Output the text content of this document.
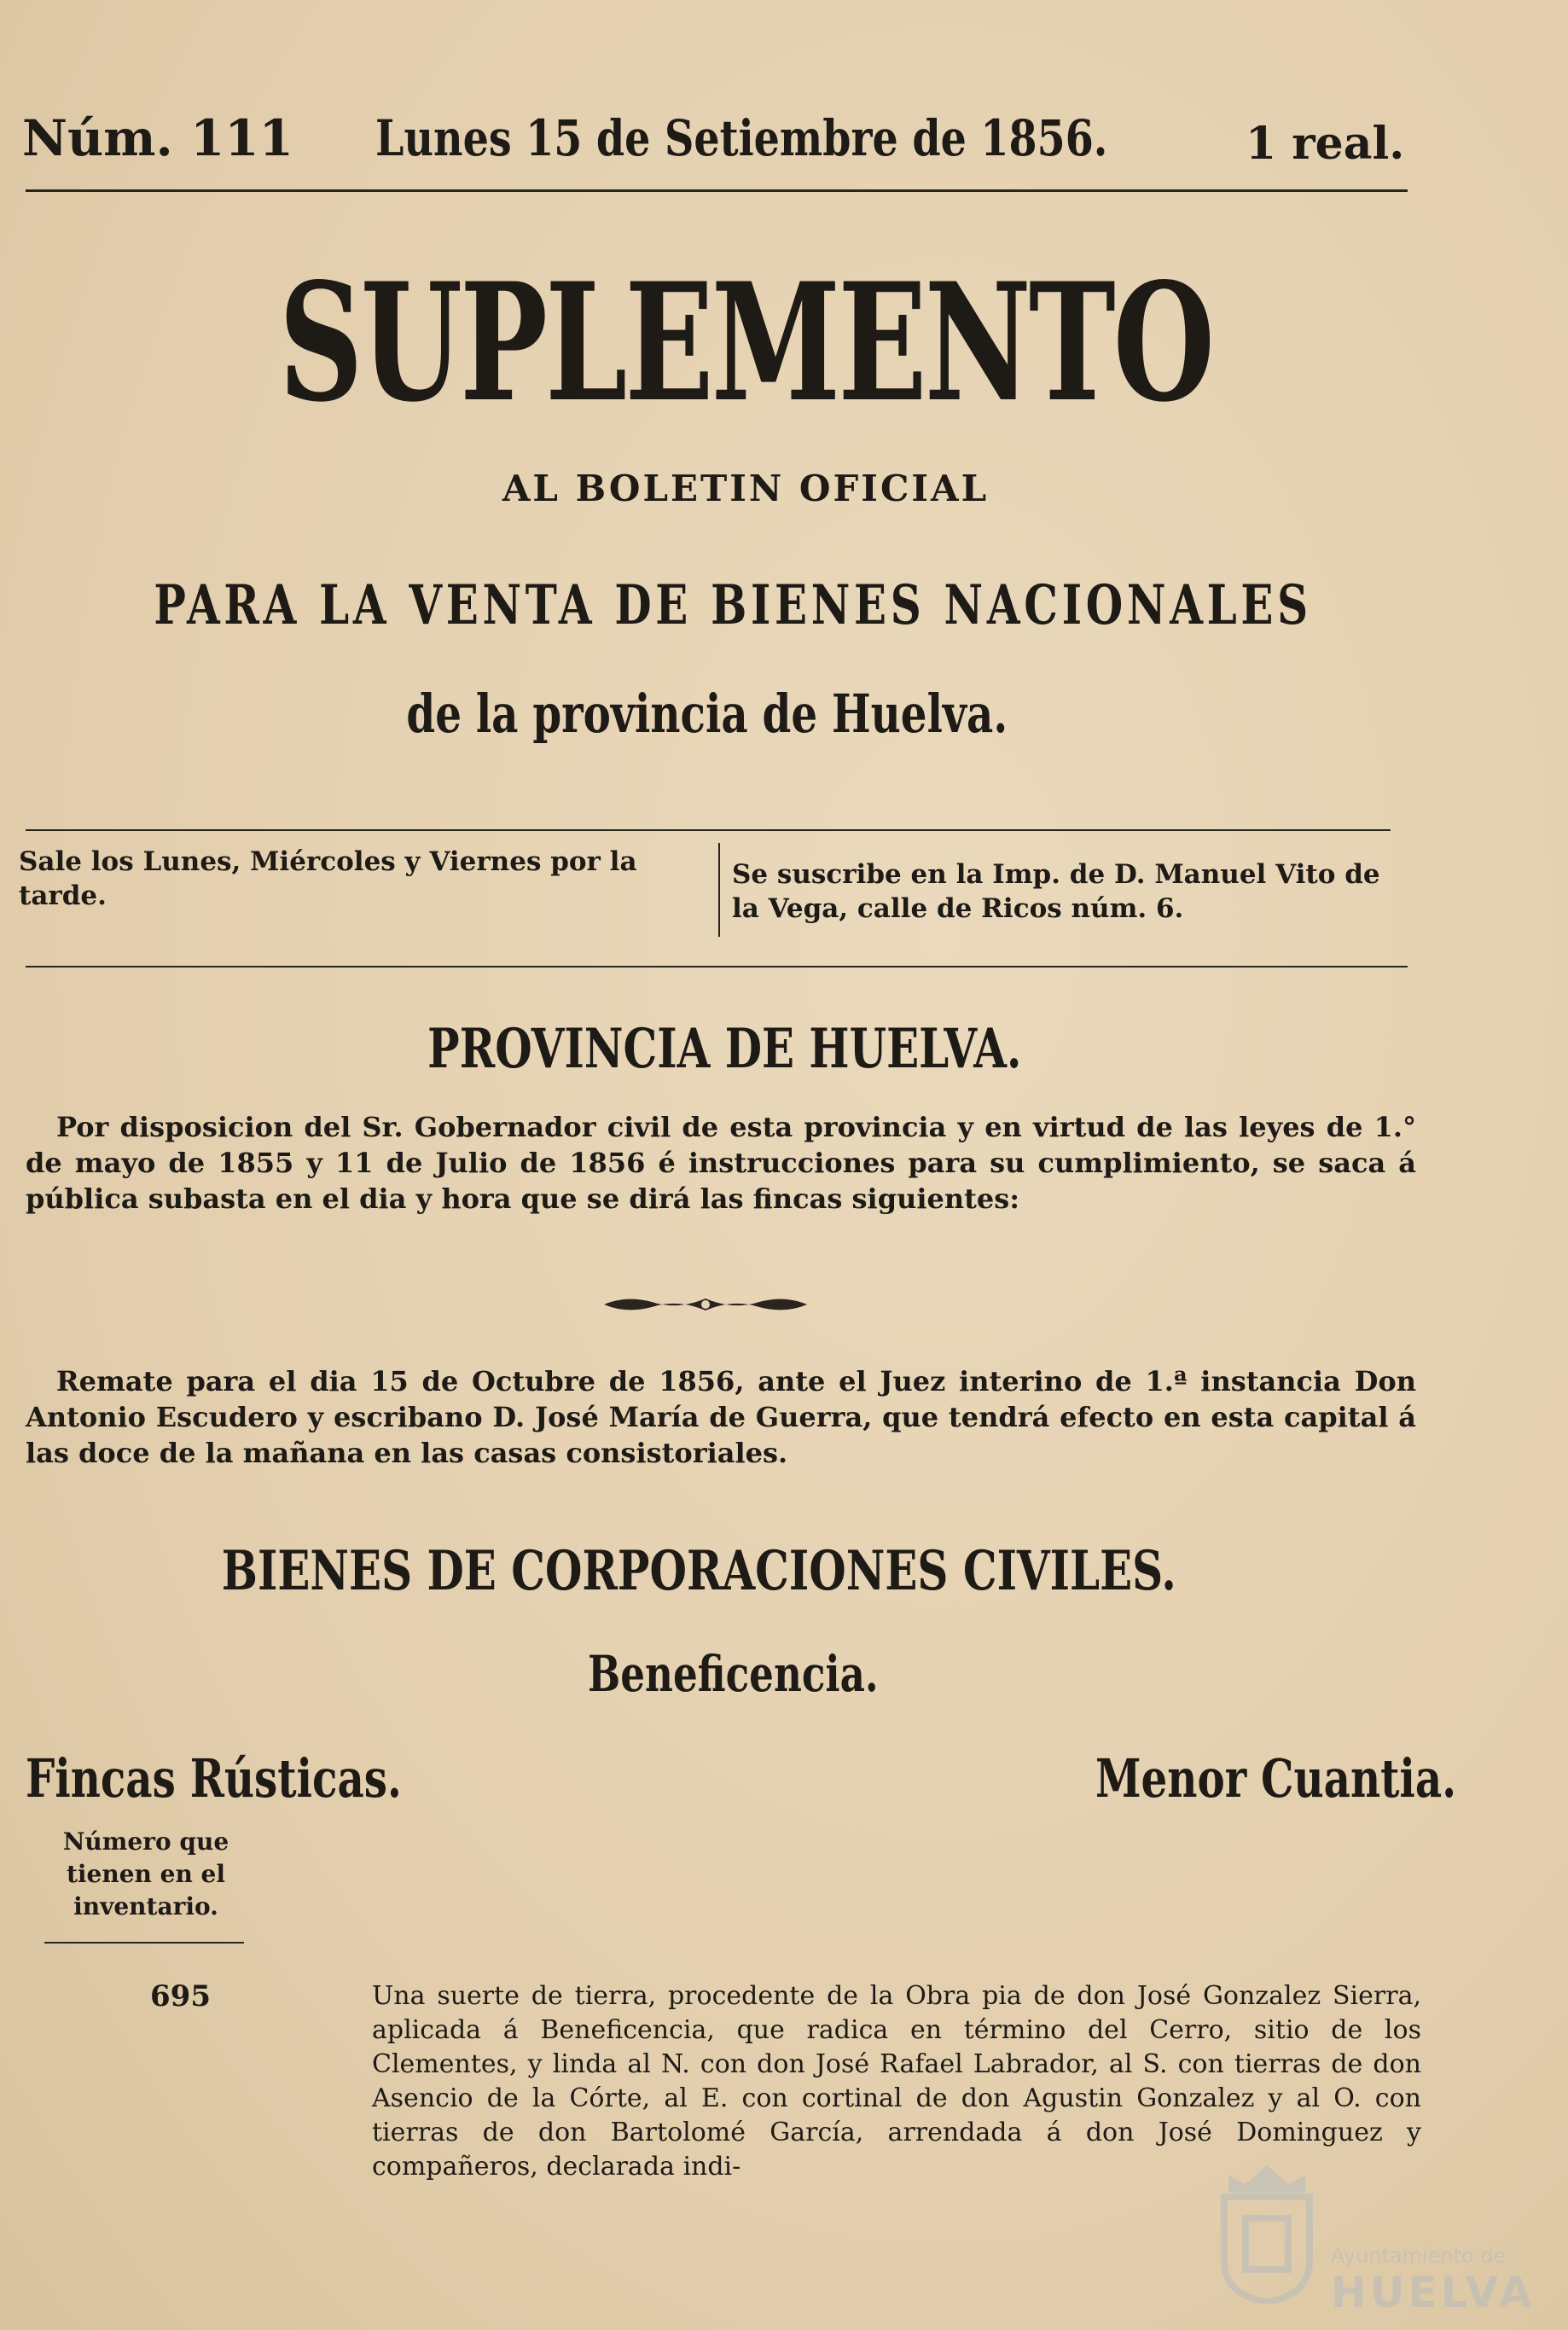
Núm. 111 Lunes 15 de Setiembre de 1856.	1 real.
SUPLEMENTO
AL BOLETIN OFICIAL
PARA LA VENTA DE BIENES NACIONALES
de la provincia de Huelva.
Sale los Lunes, Miércoles y Viernes por la tarde.
Se suscribe en la Imp. de D. Manuel Vito de la Vega, calle de Ricos núm. 6.
PROVINCIA DE HUELVA.
Por disposicion del Sr. Gobernador civil de esta provincia y en virtud de las leyes de 1.° de mayo de 1855 y 11 de Julio de 1856 é instrucciones para su cumplimiento, se saca á pública subasta en el dia y hora que se dirá las fincas siguientes:
Remate para el dia 15 de Octubre de 1856, ante el Juez interino de 1.ª instancia Don Antonio Escudero y escribano D. José María de Guerra, que tendrá efecto en esta capital á las doce de la mañana en las casas consistoriales.
BIENES DE CORPORACIONES CIVILES.
Beneficencia.
Fincas Rústicas.	Menor Cuantia.
Número que tienen en el inventario.
695	Una suerte de tierra, procedente de la Obra pia de don José Gonzalez Sierra, aplicada á Beneficencia, que radica en término del Cerro, sitio de los Clementes, y linda al N. con don José Rafael Labrador, al S. con tierras de don Asencio de la Córte, al E. con cortinal de don Agustin Gonzalez y al O. con tierras de don Bartolomé García, arrendada á don José Dominguez y compañeros, declarada indi-
Ayuntamiento de
HUELVA
